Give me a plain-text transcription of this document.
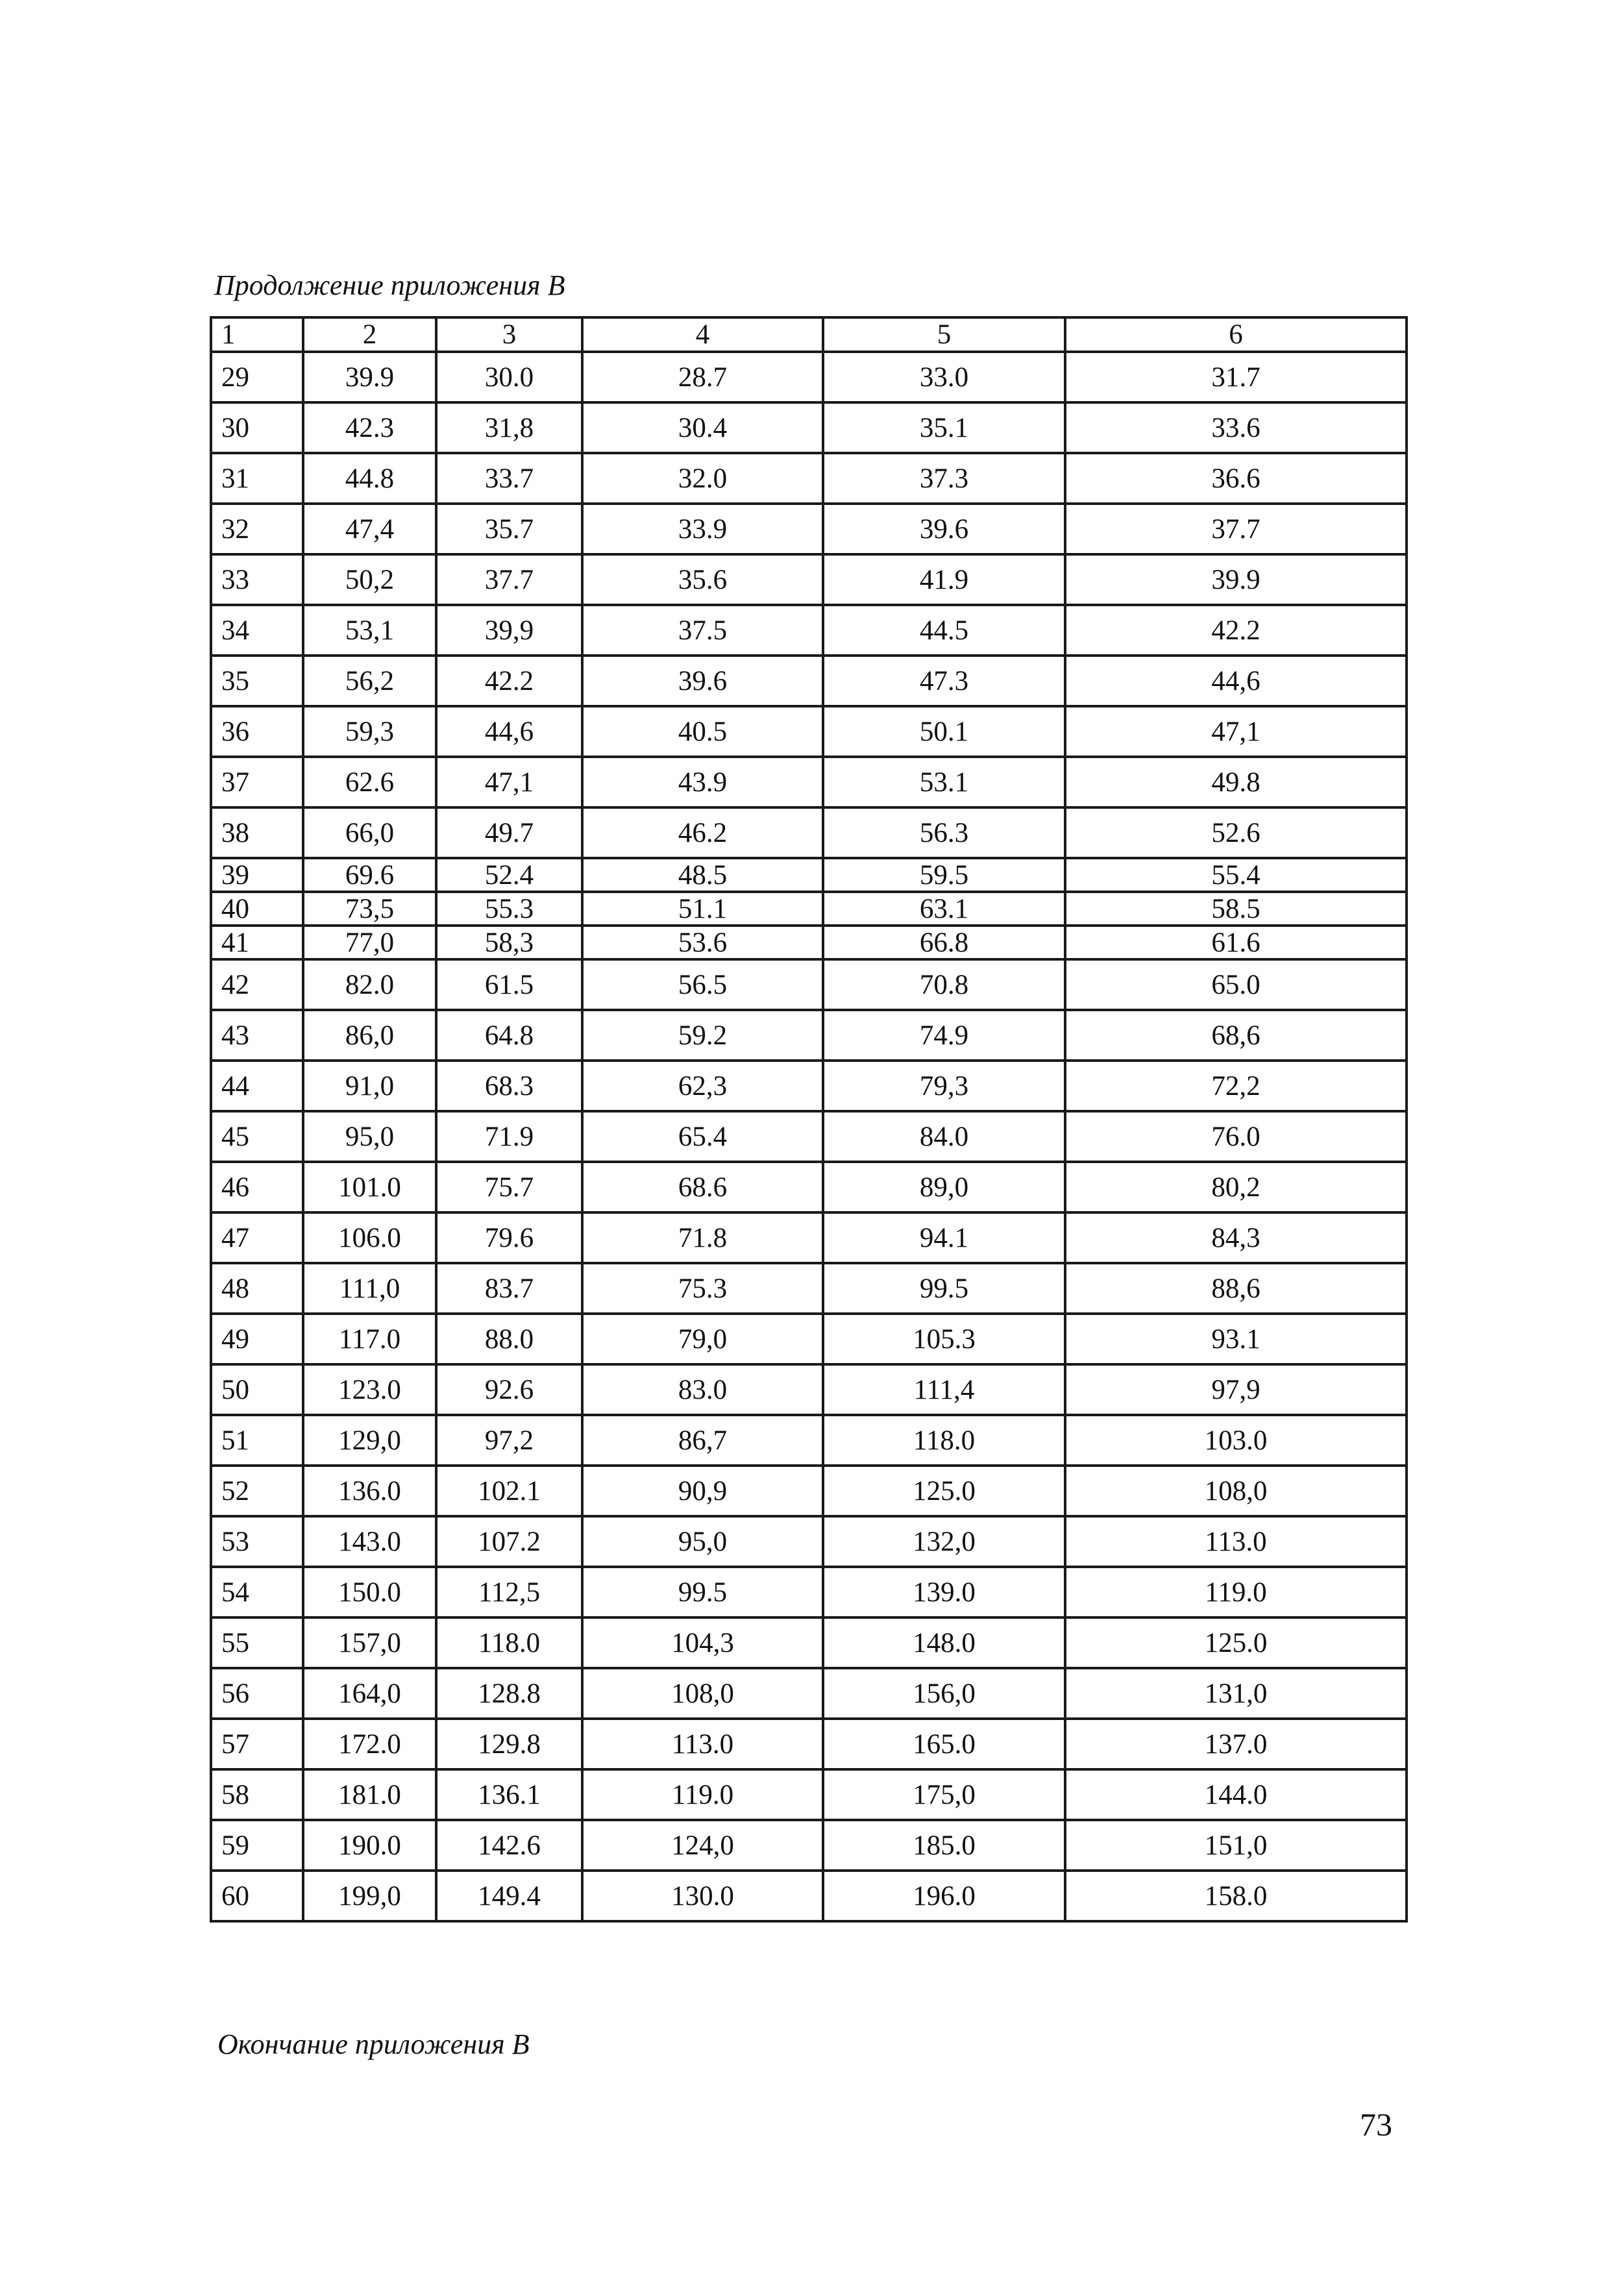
Продолжение приложения В
1	2	3	4	5	6
29	39.9	30.0	28.7	33.0	31.7
30	42.3	31,8	30.4	35.1	33.6
31	44.8	33.7	32.0	37.3	36.6
32	47,4	35.7	33.9	39.6	37.7
33	50,2	37.7	35.6	41.9	39.9
34	53,1	39,9	37.5	44.5	42.2
35	56,2	42.2	39.6	47.3	44,6
36	59,3	44,6	40.5	50.1	47,1
37	62.6	47,1	43.9	53.1	49.8
38	66,0	49.7	46.2	56.3	52.6
39	69.6	52.4	48.5	59.5	55.4
40	73,5	55.3	51.1	63.1	58.5
41	77,0	58,3	53.6	66.8	61.6
42	82.0	61.5	56.5	70.8	65.0
43	86,0	64.8	59.2	74.9	68,6
44	91,0	68.3	62,3	79,3	72,2
45	95,0	71.9	65.4	84.0	76.0
46	101.0	75.7	68.6	89,0	80,2
47	106.0	79.6	71.8	94.1	84,3
48	111,0	83.7	75.3	99.5	88,6
49	117.0	88.0	79,0	105.3	93.1
50	123.0	92.6	83.0	111,4	97,9
51	129,0	97,2	86,7	118.0	103.0
52	136.0	102.1	90,9	125.0	108,0
53	143.0	107.2	95,0	132,0	113.0
54	150.0	112,5	99.5	139.0	119.0
55	157,0	118.0	104,3	148.0	125.0
56	164,0	128.8	108,0	156,0	131,0
57	172.0	129.8	113.0	165.0	137.0
58	181.0	136.1	119.0	175,0	144.0
59	190.0	142.6	124,0	185.0	151,0
60	199,0	149.4	130.0	196.0	158.0
Окончание приложения В
73
